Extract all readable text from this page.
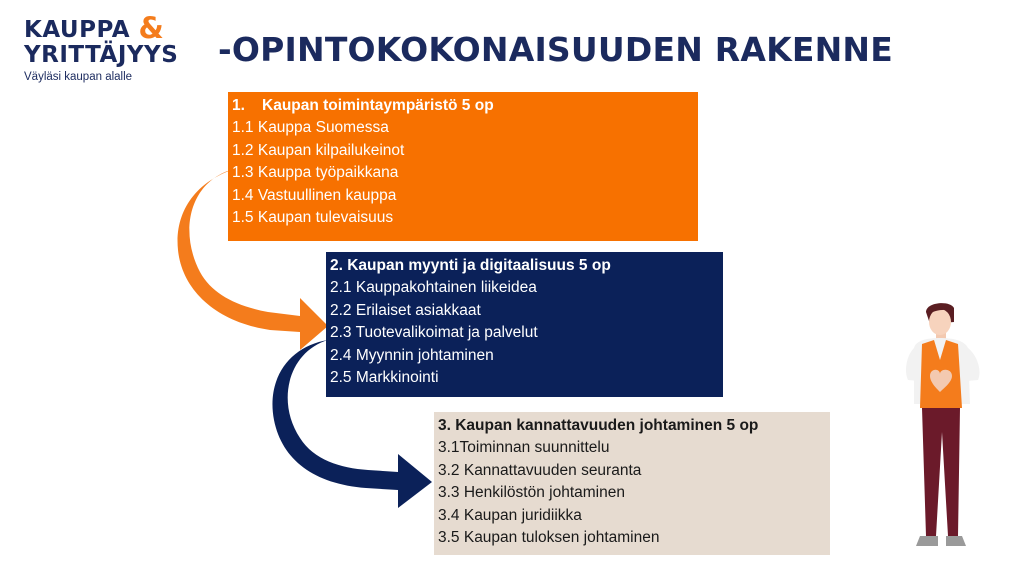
KAUPPA &
YRITTÄJYYS
Väyläsi kaupan alalle
-OPINTOKOKONAISUUDEN RAKENNE
1. Kaupan toimintaympäristö 5 op
1.1 Kauppa Suomessa
1.2 Kaupan kilpailukeinot
1.3 Kauppa työpaikkana
1.4 Vastuullinen kauppa
1.5 Kaupan tulevaisuus
2. Kaupan myynti ja digitaalisuus 5 op
2.1 Kauppakohtainen liikeidea
2.2 Erilaiset asiakkaat
2.3 Tuotevalikoimat ja palvelut
2.4 Myynnin johtaminen
2.5 Markkinointi
3. Kaupan kannattavuuden johtaminen 5 op
3.1Toiminnan suunnittelu
3.2 Kannattavuuden seuranta
3.3 Henkilöstön johtaminen
3.4 Kaupan juridiikka
3.5 Kaupan tuloksen johtaminen
